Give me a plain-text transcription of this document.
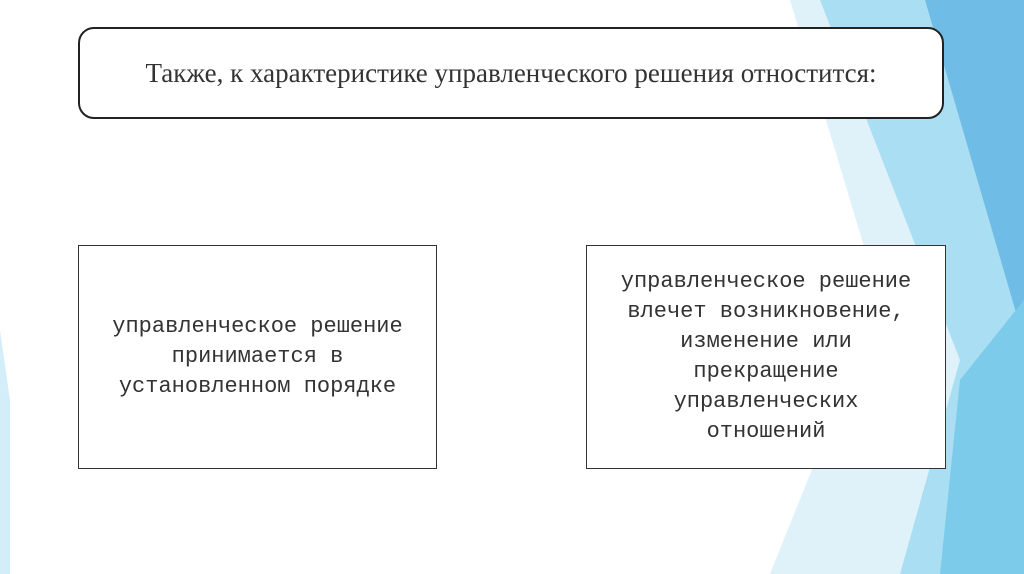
Также, к характеристике управленческого решения отностится:
управленческое решение
принимается в
установленном порядке
управленческое решение
влечет возникновение,
изменение или
прекращение
управленческих
отношений
